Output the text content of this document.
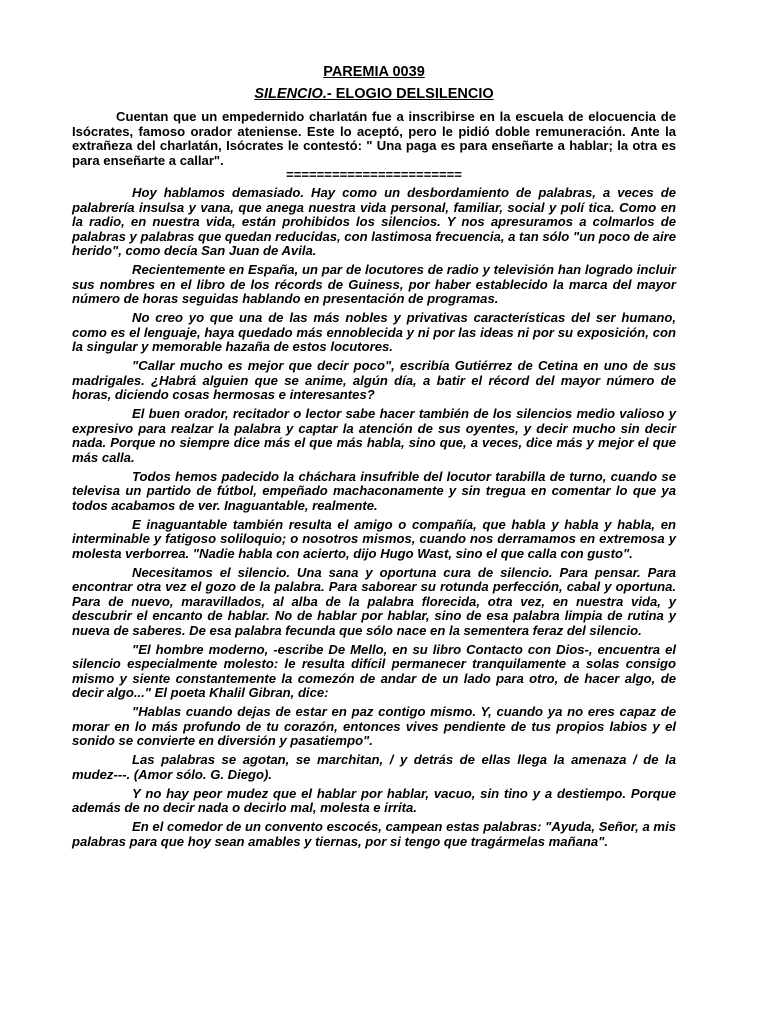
PAREMIA 0039

SILENCIO.- ELOGIO DELSILENCIO

Cuentan que un empedernido charlatán fue a inscribirse en la escuela de elocuencia de Isócrates, famoso orador ateniense. Este lo aceptó, pero le pidió doble remuneración. Ante la extrañeza del charlatán, Isócrates le contestó: " Una paga es para enseñarte a hablar; la otra es para enseñarte a callar".

=======================

Hoy hablamos demasiado. Hay como un desbordamiento de palabras, a veces de palabrería insulsa y vana, que anega nuestra vida personal, familiar, social y polí tica. Como en la radio, en nuestra vida, están prohibidos los silencios. Y nos apresuramos a colmarlos de palabras y palabras que quedan reducidas, con lastimosa frecuencia, a tan sólo "un poco de aire herido", como decía San Juan de Avila.

Recientemente en España, un par de locutores de radio y televisión han logrado incluir sus nombres en el libro de los récords de Guiness, por haber establecido la marca del mayor número de horas seguidas hablando en presentación de programas.

No creo yo que una de las más nobles y privativas características del ser humano, como es el lenguaje, haya quedado más ennoblecida y ni por las ideas ni por su exposición, con la singular y memorable hazaña de estos locutores.

"Callar mucho es mejor que decir poco", escribía Gutiérrez de Cetina en uno de sus madrigales. ¿Habrá alguien que se anime, algún día, a batir el récord del mayor número de horas, diciendo cosas hermosas e interesantes?

El buen orador, recitador o lector sabe hacer también de los silencios medio valioso y expresivo para realzar la palabra y captar la atención de sus oyentes, y decir mucho sin decir nada. Porque no siempre dice más el que más habla, sino que, a veces, dice más y mejor el que más calla.

Todos hemos padecido la cháchara insufrible del locutor tarabilla de turno, cuando se televisa un partido de fútbol, empeñado machaconamente y sin tregua en comentar lo que ya todos acabamos de ver. Inaguantable, realmente.

E inaguantable también resulta el amigo o compañía, que habla y habla y habla, en interminable y fatigoso soliloquio; o nosotros mismos, cuando nos derramamos en extremosa y molesta verborrea. "Nadie habla con acierto, dijo Hugo Wast, sino el que calla con gusto".

Necesitamos el silencio. Una sana y oportuna cura de silencio. Para pensar. Para encontrar otra vez el gozo de la palabra. Para saborear su rotunda perfección, cabal y oportuna. Para de nuevo, maravillados, al alba de la palabra florecida, otra vez, en nuestra vida, y descubrir el encanto de hablar. No de hablar por hablar, sino de esa palabra limpia de rutina y nueva de saberes. De esa palabra fecunda que sólo nace en la sementera feraz del silencio.

"El hombre moderno, -escribe De Mello, en su libro Contacto con Dios-, encuentra el silencio especialmente molesto: le resulta difícil permanecer tranquilamente a solas consigo mismo y siente constantemente la comezón de andar de un lado para otro, de hacer algo, de decir algo..." El poeta Khalil Gibran, dice:

"Hablas cuando dejas de estar en paz contigo mismo. Y, cuando ya no eres capaz de morar en lo más profundo de tu corazón, entonces vives pendiente de tus propios labios y el sonido se convierte en diversión y pasatiempo".

Las palabras se agotan, se marchitan, / y detrás de ellas llega la amenaza / de la mudez---. (Amor sólo. G. Diego).

Y no hay peor mudez que el hablar por hablar, vacuo, sin tino y a destiempo. Porque además de no decir nada o decirlo mal, molesta e irrita.

En el comedor de un convento escocés, campean estas palabras: "Ayuda, Señor, a mis palabras para que hoy sean amables y tiernas, por si tengo que tragármelas mañana".
